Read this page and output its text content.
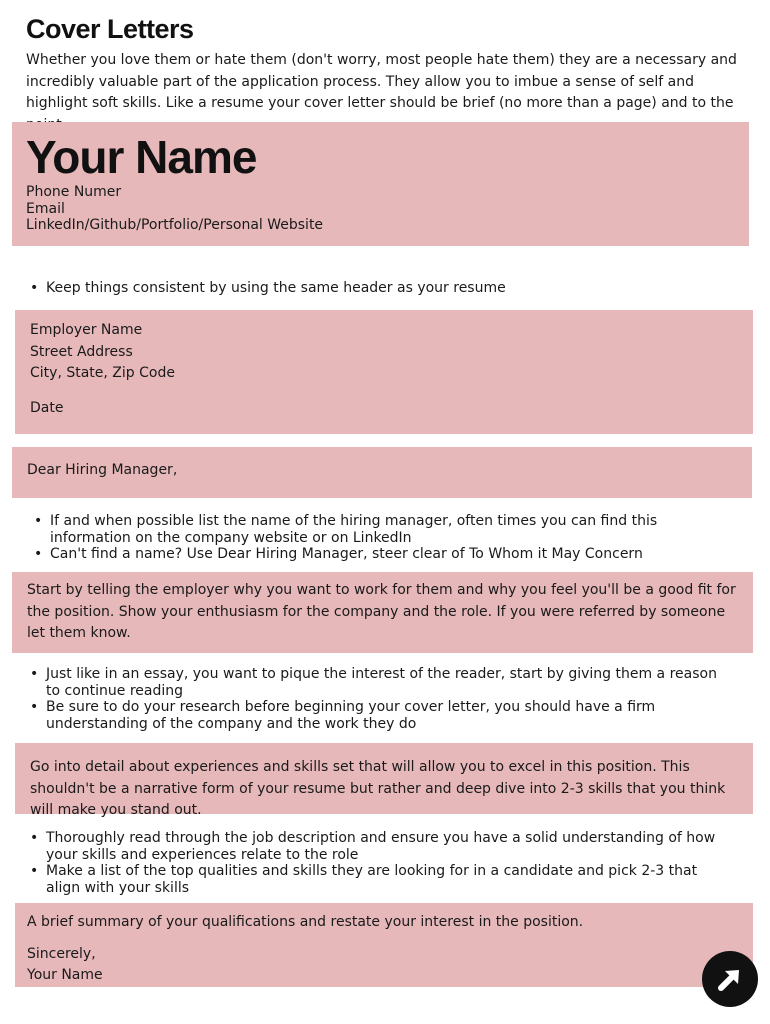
Cover Letters

Whether you love them or hate them (don't worry, most people hate them) they are a necessary and incredibly valuable part of the application process. They allow you to imbue a sense of self and highlight soft skills. Like a resume your cover letter should be brief (no more than a page) and to the

Your Name
Phone Numer
Email
LinkedIn/Github/Portfolio/Personal Website
• Keep things consistent by using the same header as your resume
Employer Name
Street Address
City, State, Zip Code
Date
Dear Hiring Manager,
• If and when possible list the name of the hiring manager, often times you can find this information on the company website or on LinkedIn
• Can't find a name? Use Dear Hiring Manager, steer clear of To Whom it May Concern
Start by telling the employer why you want to work for them and why you feel you'll be a good fit for the position. Show your enthusiasm for the company and the role. If you were referred by someone let them know.
• Just like in an essay, you want to pique the interest of the reader, start by giving them a reason to continue reading
• Be sure to do your research before beginning your cover letter, you should have a firm understanding of the company and the work they do
Go into detail about experiences and skills set that will allow you to excel in this position. This shouldn't be a narrative form of your resume but rather and deep dive into 2-3 skills that you think will make you stand out.
• Thoroughly read through the job description and ensure you have a solid understanding of how your skills and experiences relate to the role
• Make a list of the top qualities and skills they are looking for in a candidate and pick 2-3 that align with your skills
A brief summary of your qualifications and restate your interest in the position.
Sincerely,
Your Name
